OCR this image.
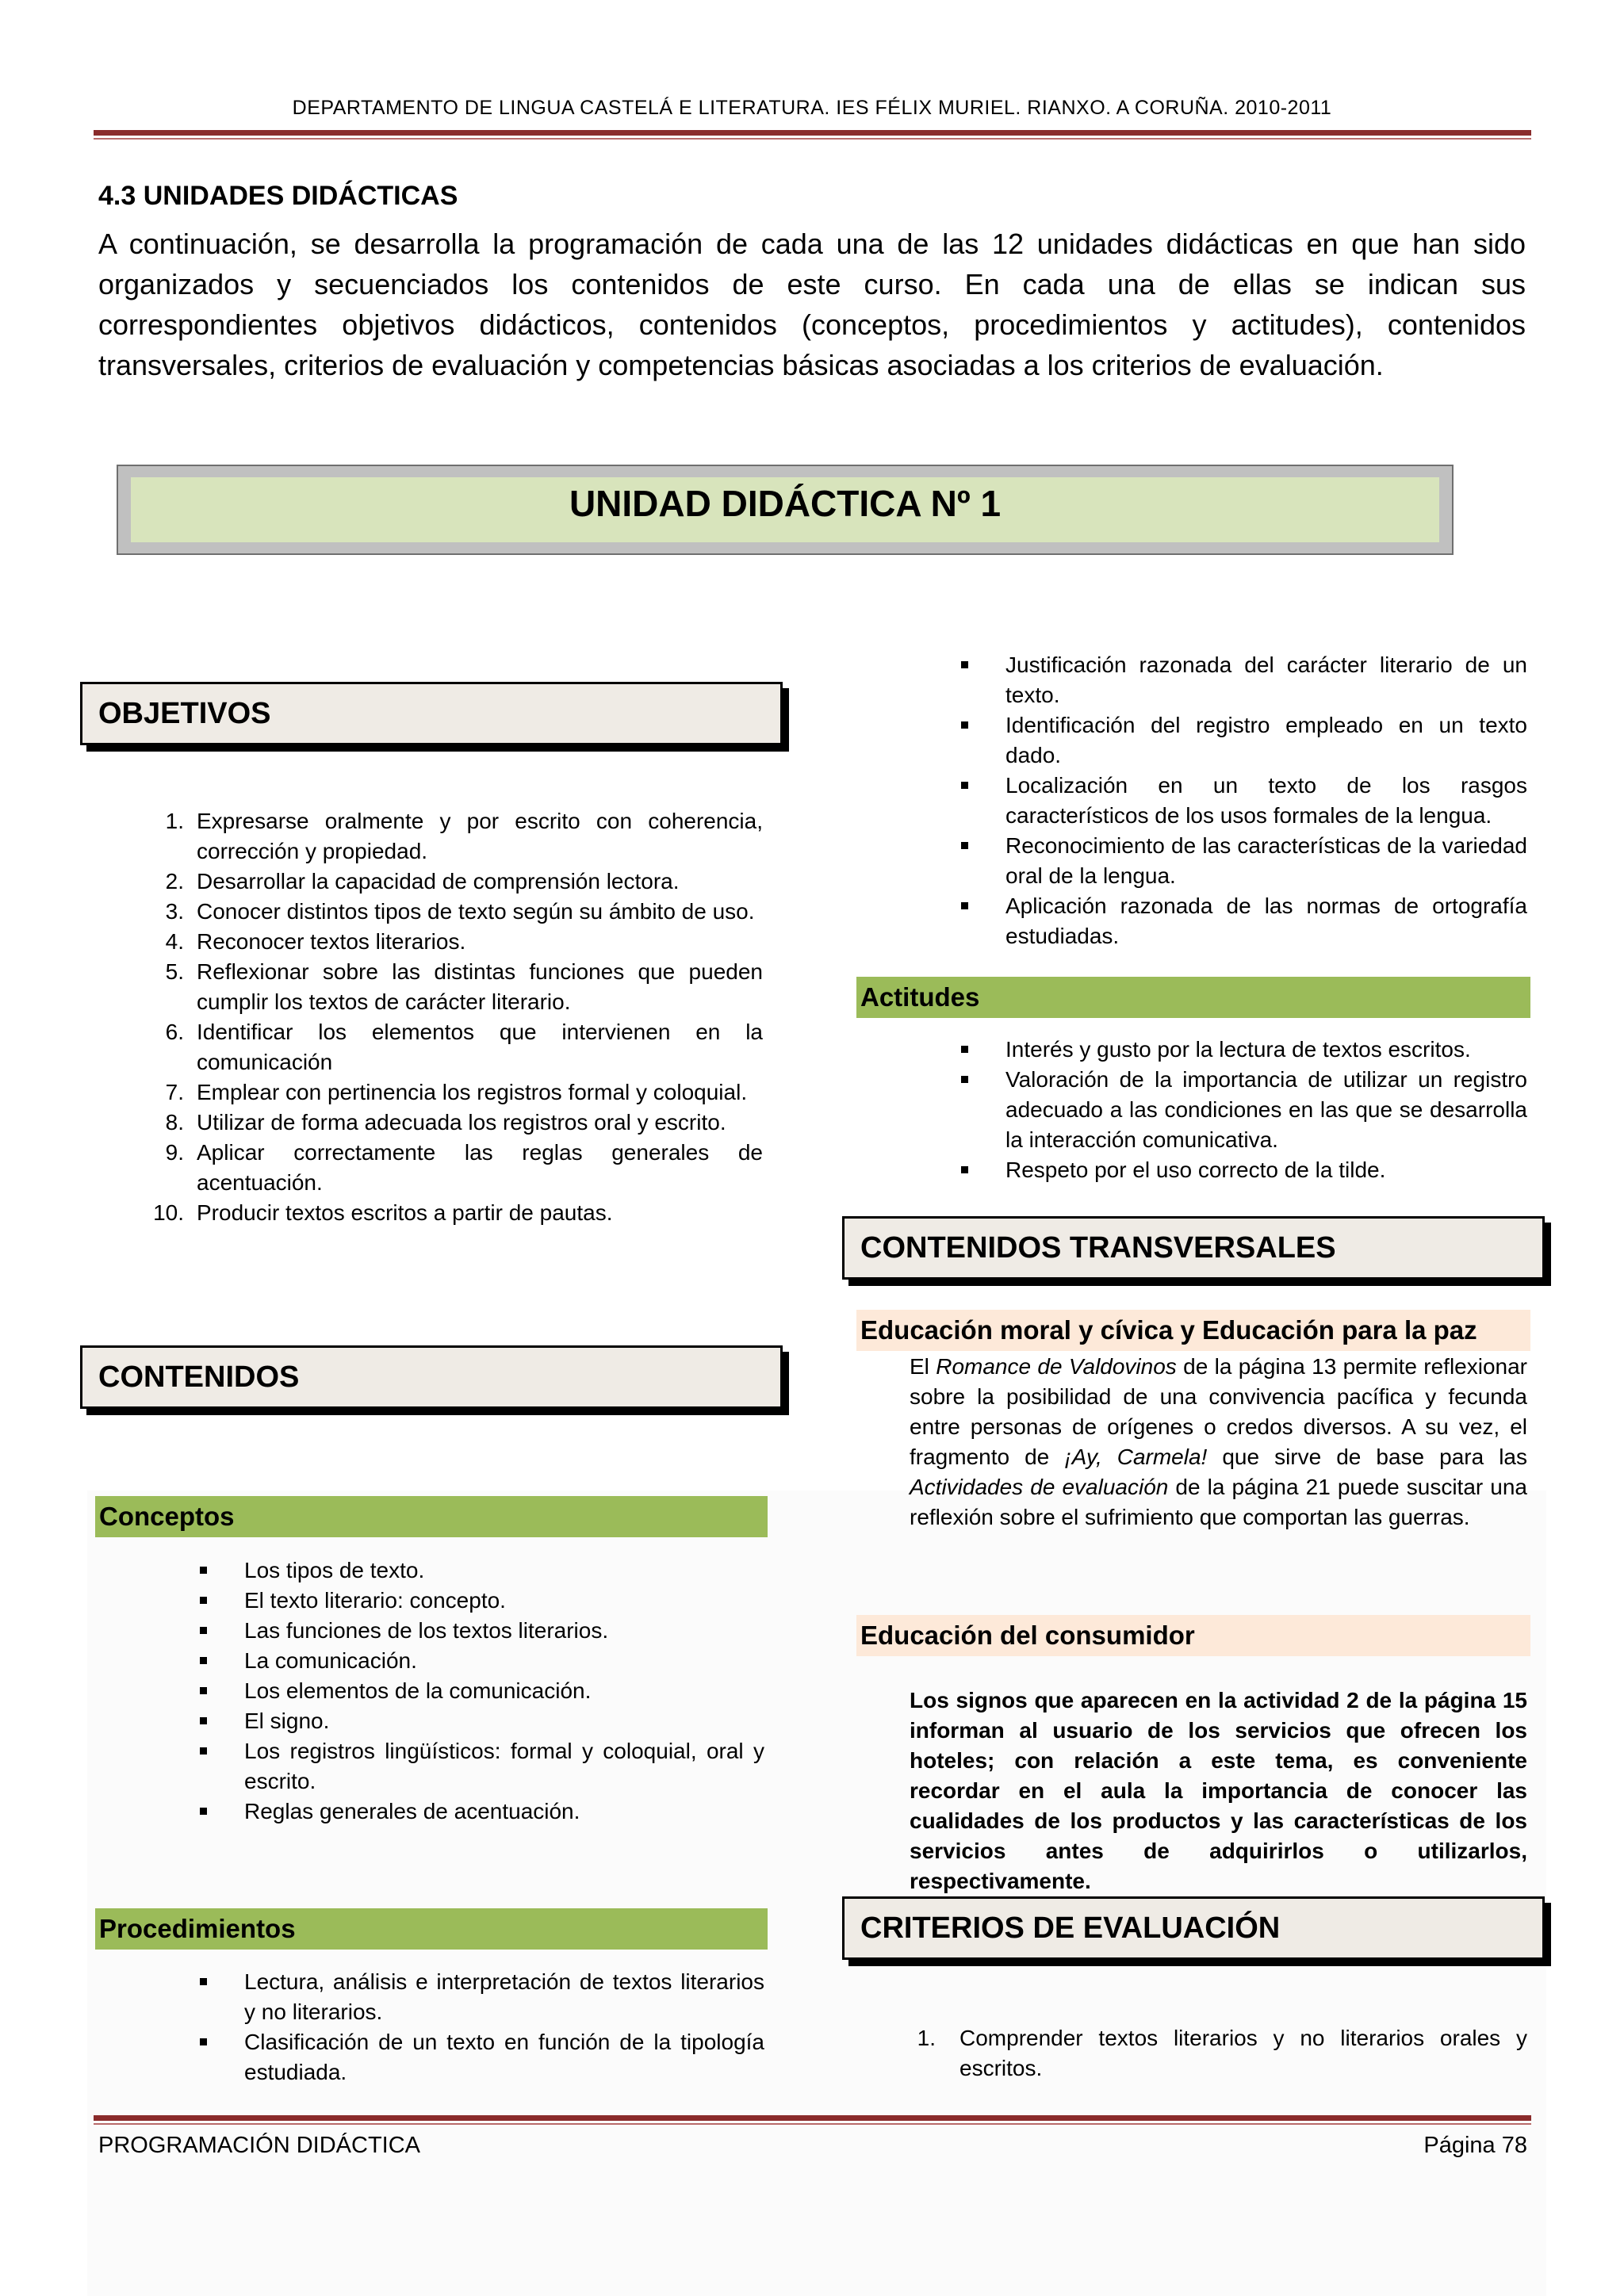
DEPARTAMENTO DE LINGUA CASTELÁ E LITERATURA. IES FÉLIX MURIEL. RIANXO. A CORUÑA. 2010-2011
4.3 UNIDADES DIDÁCTICAS
A continuación, se desarrolla la programación de cada una de las 12 unidades didácticas en que han sido organizados y secuenciados los contenidos de este curso. En cada una de ellas se indican sus correspondientes objetivos didácticos, contenidos (conceptos, procedimientos y actitudes), contenidos transversales, criterios de evaluación y competencias básicas asociadas a los criterios de evaluación.
UNIDAD DIDÁCTICA Nº 1
OBJETIVOS
1. Expresarse oralmente y por escrito con coherencia, corrección y propiedad.
2. Desarrollar la capacidad de comprensión lectora.
3. Conocer distintos tipos de texto según su ámbito de uso.
4. Reconocer textos literarios.
5. Reflexionar sobre las distintas funciones que pueden cumplir los textos de carácter literario.
6. Identificar los elementos que intervienen en la comunicación
7. Emplear con pertinencia los registros formal y coloquial.
8. Utilizar de forma adecuada los registros oral y escrito.
9. Aplicar correctamente las reglas generales de acentuación.
10. Producir textos escritos a partir de pautas.
CONTENIDOS
Conceptos
Los tipos de texto.
El texto literario: concepto.
Las funciones de los textos literarios.
La comunicación.
Los elementos de la comunicación.
El signo.
Los registros lingüísticos: formal y coloquial, oral y escrito.
Reglas generales de acentuación.
Procedimientos
Lectura, análisis e interpretación de textos literarios y no literarios.
Clasificación de un texto en función de la tipología estudiada.
Justificación razonada del carácter literario de un texto.
Identificación del registro empleado en un texto dado.
Localización en un texto de los rasgos característicos de los usos formales de la lengua.
Reconocimiento de las características de la variedad oral de la lengua.
Aplicación razonada de las normas de ortografía estudiadas.
Actitudes
Interés y gusto por la lectura de textos escritos.
Valoración de la importancia de utilizar un registro adecuado a las condiciones en las que se desarrolla la interacción comunicativa.
Respeto por el uso correcto de la tilde.
CONTENIDOS TRANSVERSALES
Educación moral y cívica y Educación para la paz
El Romance de Valdovinos de la página 13 permite reflexionar sobre la posibilidad de una convivencia pacífica y fecunda entre personas de orígenes o credos diversos. A su vez, el fragmento de ¡Ay, Carmela! que sirve de base para las Actividades de evaluación de la página 21 puede suscitar una reflexión sobre el sufrimiento que comportan las guerras.
Educación del consumidor
Los signos que aparecen en la actividad 2 de la página 15 informan al usuario de los servicios que ofrecen los hoteles; con relación a este tema, es conveniente recordar en el aula la importancia de conocer las cualidades de los productos y las características de los servicios antes de adquirirlos o utilizarlos, respectivamente.
CRITERIOS DE EVALUACIÓN
1. Comprender textos literarios y no literarios orales y escritos.
PROGRAMACIÓN DIDÁCTICA	Página 78
